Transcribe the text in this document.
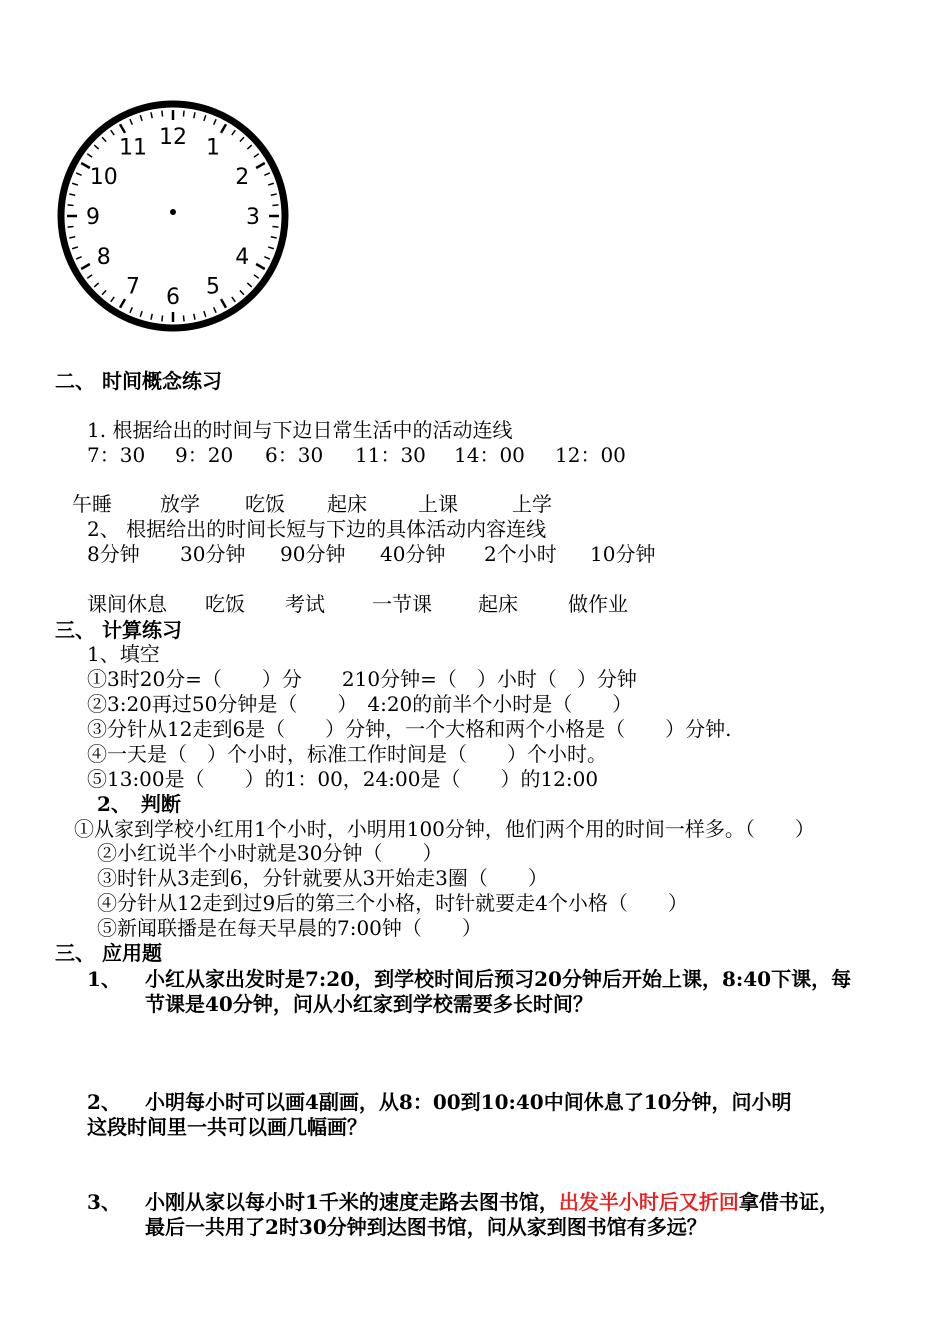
12 1
2
3
4
5
6
7
8
9
10
11
二、 时间概念练习
1. 根据给出的时间与下边日常生活中的活动连线
7：30 9：20 6：30 11：30 14：00 12：00
午睡 放学 吃饭 起床	上课	上学
2、 根据给出的时间长短与下边的具体活动内容连线
8分钟 30分钟 90分钟 40分钟 2个小时 10分钟
课间休息 吃饭 考试 一节课 起床	做作业
三、 计算练习
1、填空
①3时20分=（　　）分　　210分钟=（　）小时（　）分钟
②3:20再过50分钟是（　　）　4:20的前半个小时是（　　）
③分针从12走到6是（　　）分钟，一个大格和两个小格是（　　）分钟.
④一天是（　）个小时，标准工作时间是（　　）个小时。
⑤13:00是（　　）的1：00，24:00是（　　）的12:00
2、　判断
①从家到学校小红用1个小时，小明用100分钟，他们两个用的时间一样多。（　　）
②小红说半个小时就是30分钟（　　）
③时针从3走到6，分针就要从3开始走3圈（　　）
④分针从12走到过9后的第三个小格，时针就要走4个小格（　　）
⑤新闻联播是在每天早晨的7:00钟（　　）
三、 应用题
1、 小红从家出发时是7:20，到学校时间后预习20分钟后开始上课，8:40下课，每
节课是40分钟，问从小红家到学校需要多长时间？
2、 小明每小时可以画4副画，从8：00到10:40中间休息了10分钟，问小明
这段时间里一共可以画几幅画？
3、 小刚从家以每小时1千米的速度走路去图书馆，出发半小时后又折回拿借书证，
最后一共用了2时30分钟到达图书馆，问从家到图书馆有多远？
